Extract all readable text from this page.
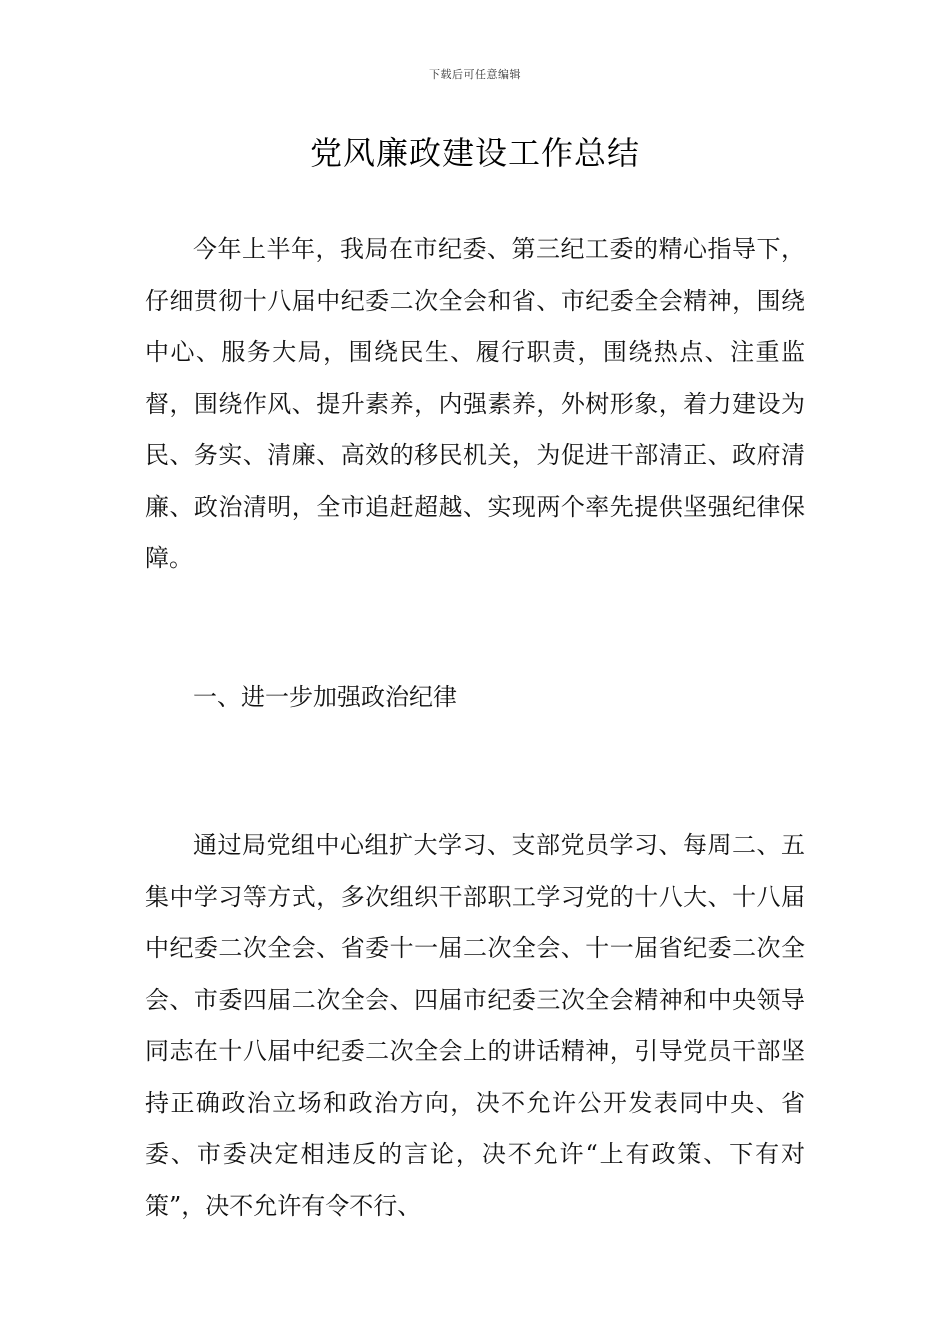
下载后可任意编辑
党风廉政建设工作总结

今年上半年，我局在市纪委、第三纪工委的精心指导下，仔细贯彻十八届中纪委二次全会和省、市纪委全会精神，围绕中心、服务大局，围绕民生、履行职责，围绕热点、注重监督，围绕作风、提升素养，内强素养，外树形象，着力建设为民、务实、清廉、高效的移民机关，为促进干部清正、政府清廉、政治清明，全市追赶超越、实现两个率先提供坚强纪律保障。

一、进一步加强政治纪律

通过局党组中心组扩大学习、支部党员学习、每周二、五集中学习等方式，多次组织干部职工学习党的十八大、十八届中纪委二次全会、省委十一届二次全会、十一届省纪委二次全会、市委四届二次全会、四届市纪委三次全会精神和中央领导同志在十八届中纪委二次全会上的讲话精神，引导党员干部坚持正确政治立场和政治方向，决不允许公开发表同中央、省委、市委决定相违反的言论，决不允许“上有政策、下有对策”，决不允许有令不行、
